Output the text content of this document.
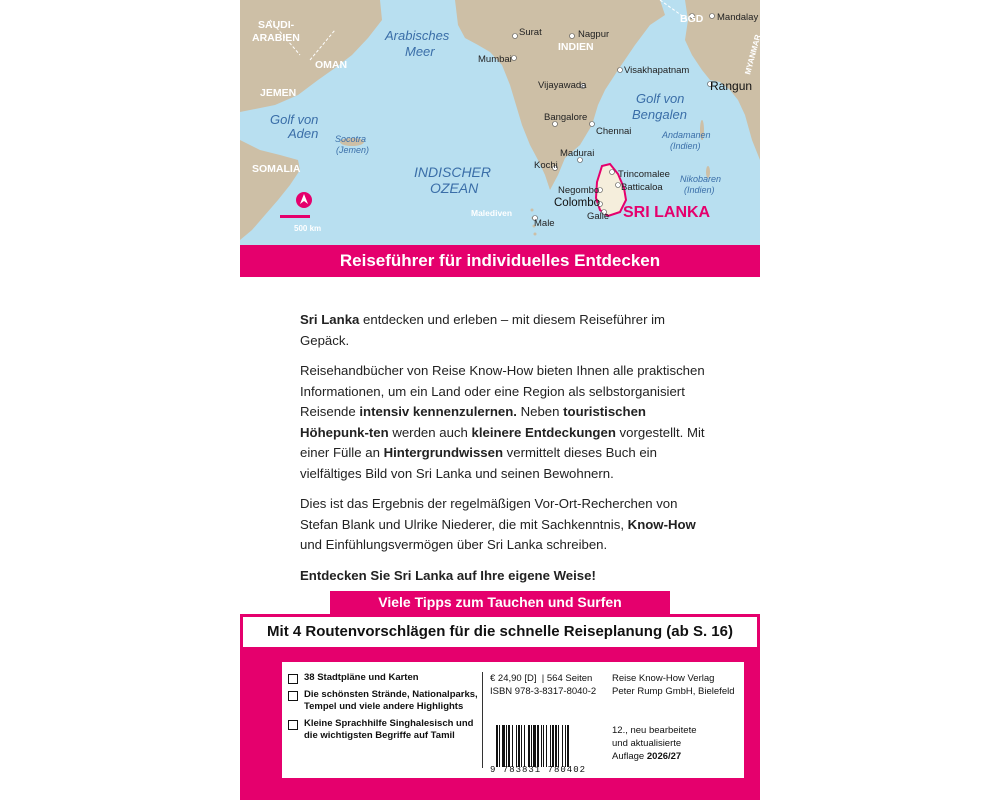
SAUDI-
ARABIEN
OMAN
JEMEN
SOMALIA
INDIEN
BGD
Malediven
Arabisches
Meer
Golf von
Aden
Golf von
Bengalen
INDISCHER
OZEAN
Socotra
(Jemen)
Andamanen
(Indien)
Nikobaren
(Indien)
Surat	Nagpur
Mumbai
Visakhapatnam
Vijayawada
Bangalore
Chennai
Kochi
Madurai
Trincomalee
Batticaloa
Negombo
Galle
Male
Mandalay
Colombo
Rangun
MYANMAR
SRI LANKA
500 km
Reiseführer für individuelles Entdecken

Sri Lanka entdecken und erleben – mit diesem Reiseführer im Gepäck.

Reisehandbücher von Reise Know-How bieten Ihnen alle praktischen Informationen, um ein Land oder eine Region als selbstorganisiert Reisende intensiv kennenzulernen. Neben touristischen Höhepunk-ten werden auch kleinere Entdeckungen vorgestellt. Mit einer Fülle an Hintergrundwissen vermittelt dieses Buch ein vielfältiges Bild von Sri Lanka und seinen Bewohnern.

Dies ist das Ergebnis der regelmäßigen Vor-Ort-Recherchen von Stefan Blank und Ulrike Niederer, die mit Sachkenntnis, Know-How und Einfühlungsvermögen über Sri Lanka schreiben.

Entdecken Sie Sri Lanka auf Ihre eigene Weise!

Viele Tipps zum Tauchen und Surfen
Mit 4 Routenvorschlägen für die schnelle Reiseplanung (ab S. 16)
38 Stadtpläne und Karten
Die schönsten Strände, Nationalparks, Tempel und viele andere Highlights
Kleine Sprachhilfe Singhalesisch und die wichtigsten Begriffe auf Tamil
€ 24,90 [D]  | 564 Seiten
ISBN 978-3-8317-8040-2
Reise Know-How Verlag
Peter Rump GmbH, Bielefeld
12., neu bearbeitete
und aktualisierte
Auflage 2026/27
9 783831 780402
